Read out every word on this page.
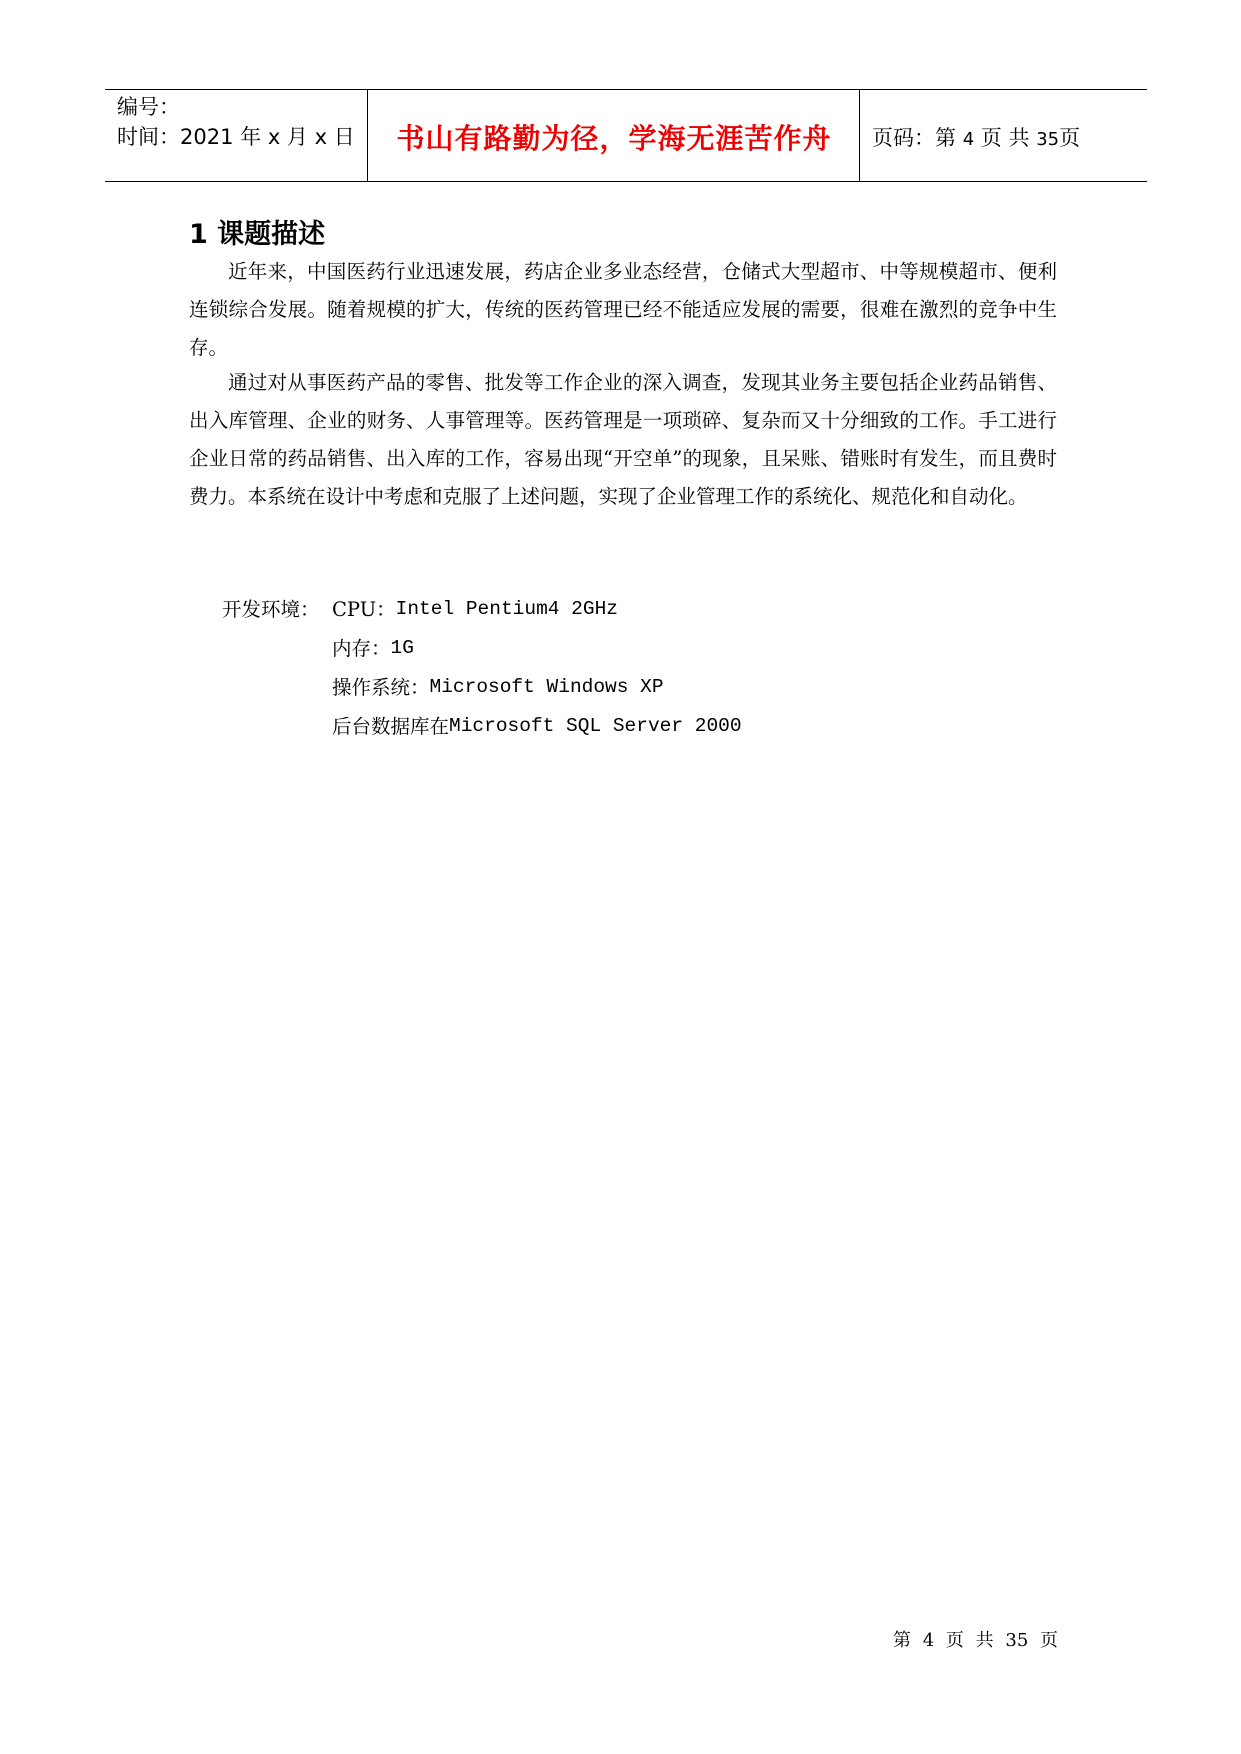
编号：
时间：2021 年 x 月 x 日	书山有路勤为径，学海无涯苦作舟	页码：第 4 页 共 35页
1 课题描述

近年来，中国医药行业迅速发展，药店企业多业态经营，仓储式大型超市、中等规模超市、便利连锁综合发展。随着规模的扩大，传统的医药管理已经不能适应发展的需要，很难在激烈的竞争中生存。

通过对从事医药产品的零售、批发等工作企业的深入调查，发现其业务主要包括企业药品销售、出入库管理、企业的财务、人事管理等。医药管理是一项琐碎、复杂而又十分细致的工作。手工进行企业日常的药品销售、出入库的工作，容易出现“开空单”的现象，且呆账、错账时有发生，而且费时费力。本系统在设计中考虑和克服了上述问题，实现了企业管理工作的系统化、规范化和自动化。

开发环境： CPU： Intel Pentium4 2GHz
内存： 1G
操作系统： Microsoft Windows XP
后台数据库在 Microsoft SQL Server 2000
第 4 页 共 35 页
